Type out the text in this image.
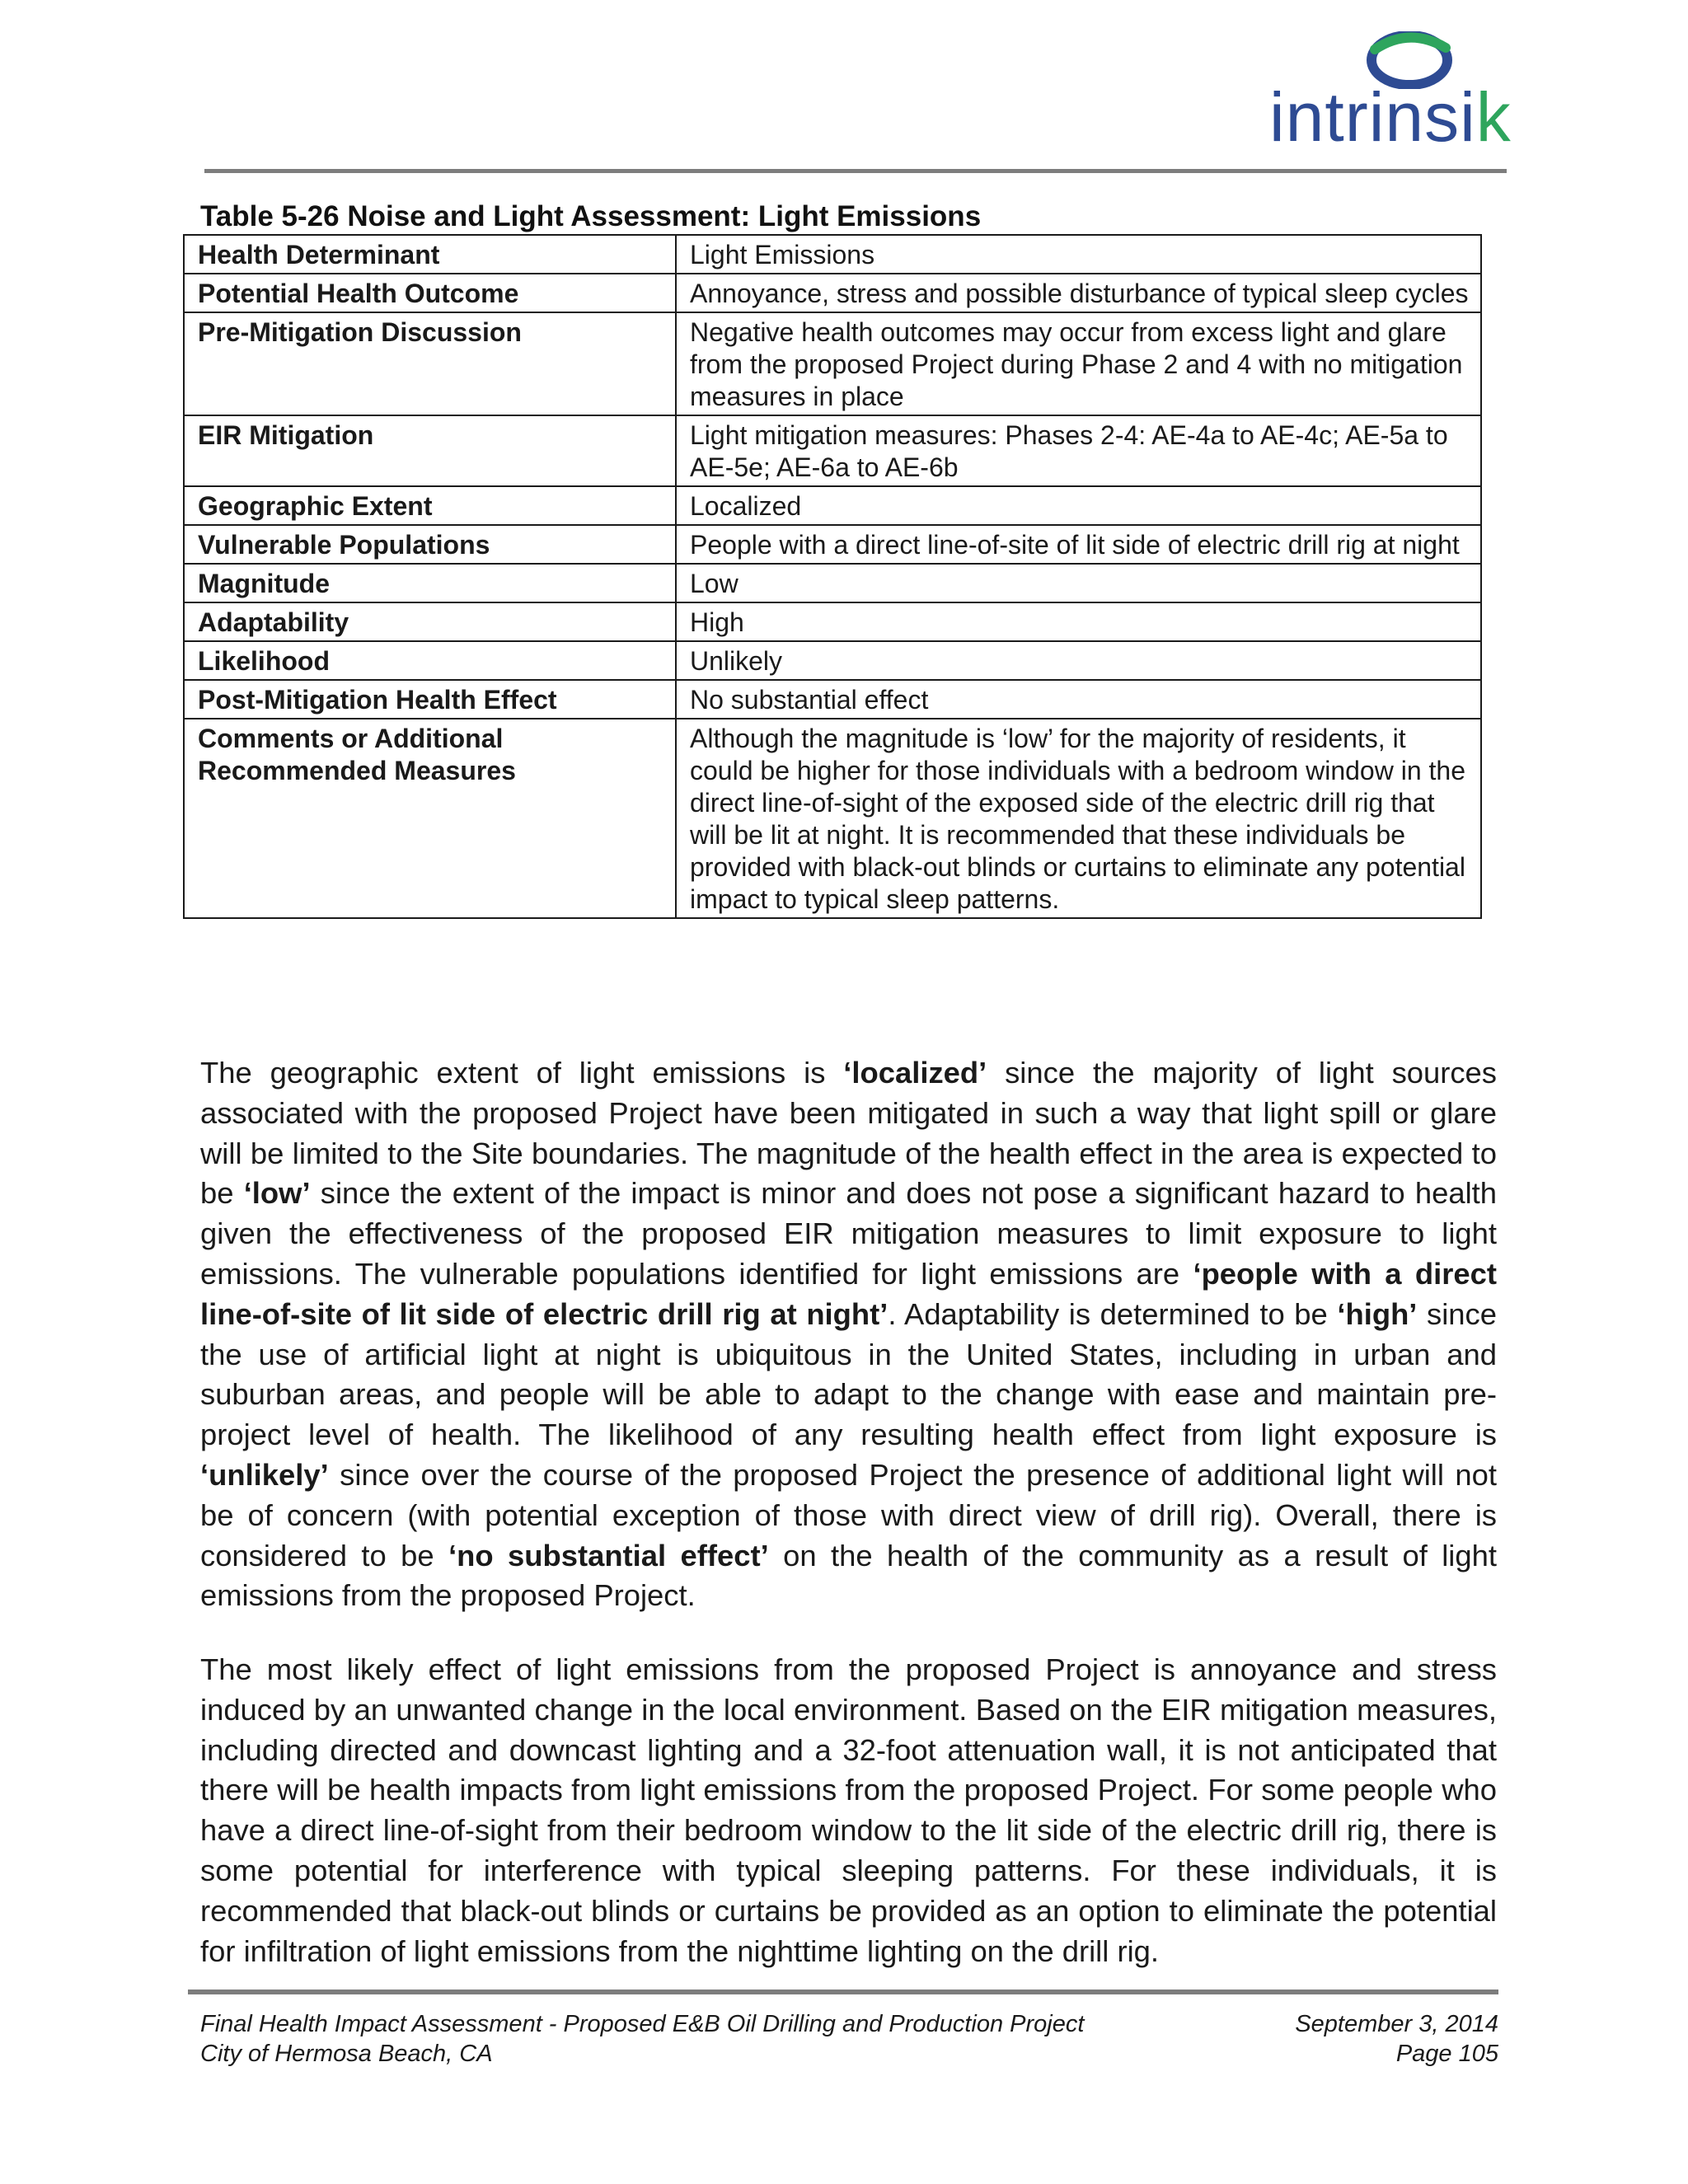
intrinsik

Table 5-26 Noise and Light Assessment: Light Emissions

Health Determinant	Light Emissions
Potential Health Outcome	Annoyance, stress and possible disturbance of typical sleep cycles
Pre-Mitigation Discussion	Negative health outcomes may occur from excess light and glare from the proposed Project during Phase 2 and 4 with no mitigation measures in place
EIR Mitigation	Light mitigation measures: Phases 2-4: AE-4a to AE-4c; AE-5a to AE-5e; AE-6a to AE-6b
Geographic Extent	Localized
Vulnerable Populations	People with a direct line-of-site of lit side of electric drill rig at night
Magnitude	Low
Adaptability	High
Likelihood	Unlikely
Post-Mitigation Health Effect	No substantial effect
Comments or Additional Recommended Measures	Although the magnitude is ‘low’ for the majority of residents, it could be higher for those individuals with a bedroom window in the direct line-of-sight of the exposed side of the electric drill rig that will be lit at night. It is recommended that these individuals be provided with black-out blinds or curtains to eliminate any potential impact to typical sleep patterns.

The geographic extent of light emissions is ‘localized’ since the majority of light sources associated with the proposed Project have been mitigated in such a way that light spill or glare will be limited to the Site boundaries. The magnitude of the health effect in the area is expected to be ‘low’ since the extent of the impact is minor and does not pose a significant hazard to health given the effectiveness of the proposed EIR mitigation measures to limit exposure to light emissions. The vulnerable populations identified for light emissions are ‘people with a direct line-of-site of lit side of electric drill rig at night’. Adaptability is determined to be ‘high’ since the use of artificial light at night is ubiquitous in the United States, including in urban and suburban areas, and people will be able to adapt to the change with ease and maintain pre-project level of health. The likelihood of any resulting health effect from light exposure is ‘unlikely’ since over the course of the proposed Project the presence of additional light will not be of concern (with potential exception of those with direct view of drill rig). Overall, there is considered to be ‘no substantial effect’ on the health of the community as a result of light emissions from the proposed Project.

The most likely effect of light emissions from the proposed Project is annoyance and stress induced by an unwanted change in the local environment. Based on the EIR mitigation measures, including directed and downcast lighting and a 32-foot attenuation wall, it is not anticipated that there will be health impacts from light emissions from the proposed Project. For some people who have a direct line-of-sight from their bedroom window to the lit side of the electric drill rig, there is some potential for interference with typical sleeping patterns. For these individuals, it is recommended that black-out blinds or curtains be provided as an option to eliminate the potential for infiltration of light emissions from the nighttime lighting on the drill rig.

Final Health Impact Assessment - Proposed E&B Oil Drilling and Production Project	September 3, 2014
City of Hermosa Beach, CA	Page 105
